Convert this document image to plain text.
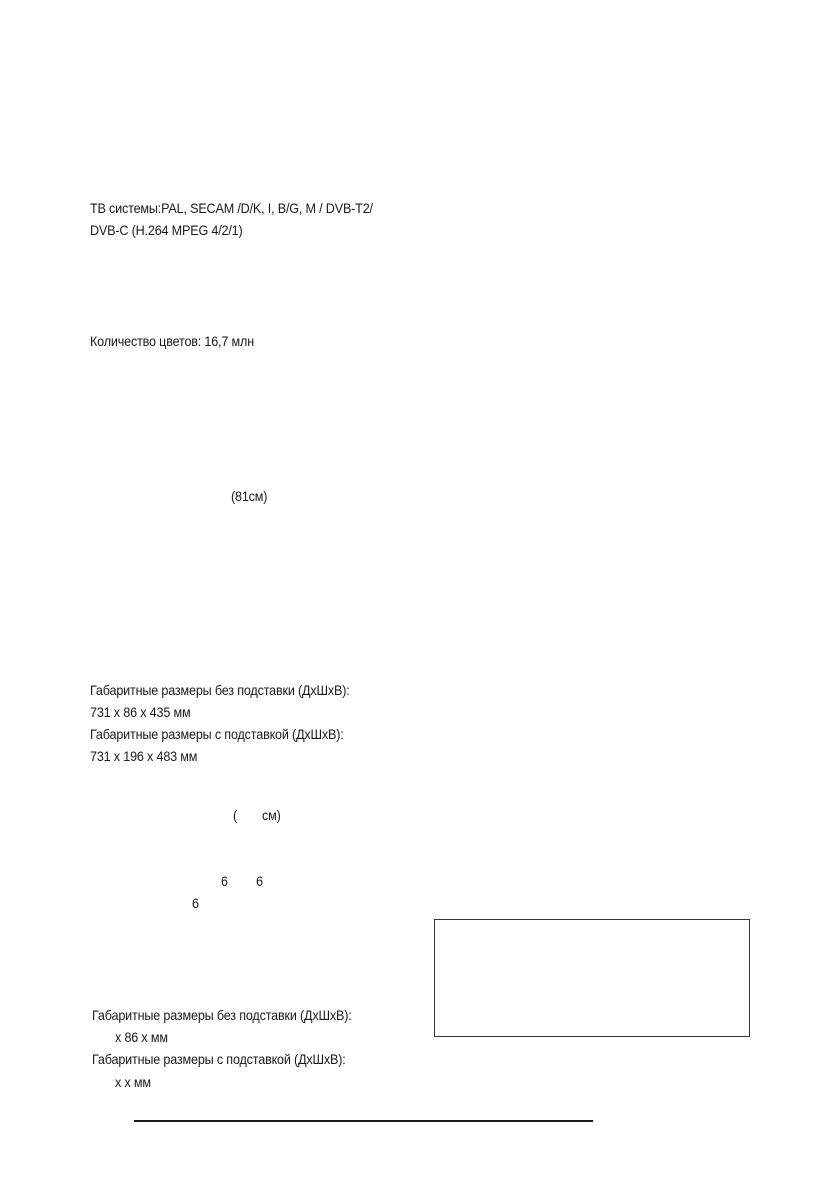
ТВ системы:PAL, SECAM /D/K, I, B/G, M / DVB-T2/

DVB-C (H.264 MPEG 4/2/1)

Количество цветов: 16,7 млн

(81см)

Габаритные размеры без подставки (ДхШхВ):

731 x 86 x 435 мм

Габаритные размеры с подставкой (ДхШхВ):

731 x 196 x 483 мм

( см)

6 6

6

Габаритные размеры без подставки (ДхШхВ):

x 86 x мм

Габаритные размеры с подставкой (ДхШхВ):

x x мм
